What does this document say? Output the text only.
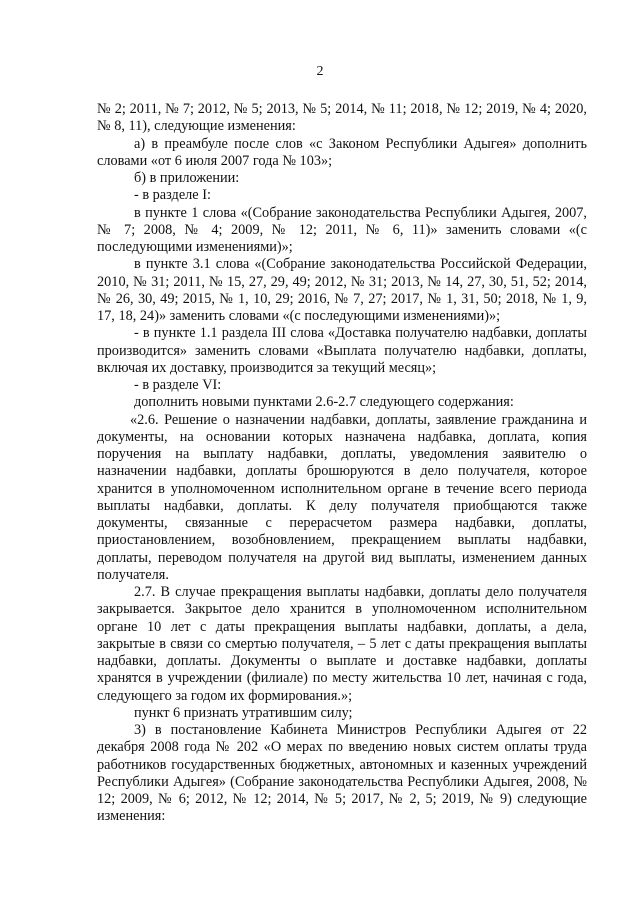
2

№ 2; 2011, № 7; 2012, № 5; 2013, № 5; 2014, № 11; 2018, № 12; 2019, № 4; 2020, № 8, 11), следующие изменения:

а) в преамбуле после слов «с Законом Республики Адыгея» дополнить словами «от 6 июля 2007 года № 103»;

б) в приложении:

- в разделе I:

в пункте 1 слова «(Собрание законодательства Республики Адыгея, 2007, № 7; 2008, № 4; 2009, № 12; 2011, № 6, 11)» заменить словами «(с последующими изменениями)»;

в пункте 3.1 слова «(Собрание законодательства Российской Федерации, 2010, № 31; 2011, № 15, 27, 29, 49; 2012, № 31; 2013, № 14, 27, 30, 51, 52; 2014, № 26, 30, 49; 2015, № 1, 10, 29; 2016, № 7, 27; 2017, № 1, 31, 50; 2018, № 1, 9, 17, 18, 24)» заменить словами «(с последующими изменениями)»;

- в пункте 1.1 раздела III слова «Доставка получателю надбавки, доплаты производится» заменить словами «Выплата получателю надбавки, доплаты, включая их доставку, производится за текущий месяц»;

- в разделе VI:

дополнить новыми пунктами 2.6-2.7 следующего содержания:

«2.6. Решение о назначении надбавки, доплаты, заявление гражданина и документы, на основании которых назначена надбавка, доплата, копия поручения на выплату надбавки, доплаты, уведомления заявителю о назначении надбавки, доплаты брошюруются в дело получателя, которое хранится в уполномоченном исполнительном органе в течение всего периода выплаты надбавки, доплаты. К делу получателя приобщаются также документы, связанные с перерасчетом размера надбавки, доплаты, приостановлением, возобновлением, прекращением выплаты надбавки, доплаты, переводом получателя на другой вид выплаты, изменением данных получателя.

2.7. В случае прекращения выплаты надбавки, доплаты дело получателя закрывается. Закрытое дело хранится в уполномоченном исполнительном органе 10 лет с даты прекращения выплаты надбавки, доплаты, а дела, закрытые в связи со смертью получателя, – 5 лет с даты прекращения выплаты надбавки, доплаты. Документы о выплате и доставке надбавки, доплаты хранятся в учреждении (филиале) по месту жительства 10 лет, начиная с года, следующего за годом их формирования.»;

пункт 6 признать утратившим силу;

3) в постановление Кабинета Министров Республики Адыгея от 22 декабря 2008 года № 202 «О мерах по введению новых систем оплаты труда работников государственных бюджетных, автономных и казенных учреждений Республики Адыгея» (Собрание законодательства Республики Адыгея, 2008, № 12; 2009, № 6; 2012, № 12; 2014, № 5; 2017, № 2, 5; 2019, № 9) следующие изменения:
